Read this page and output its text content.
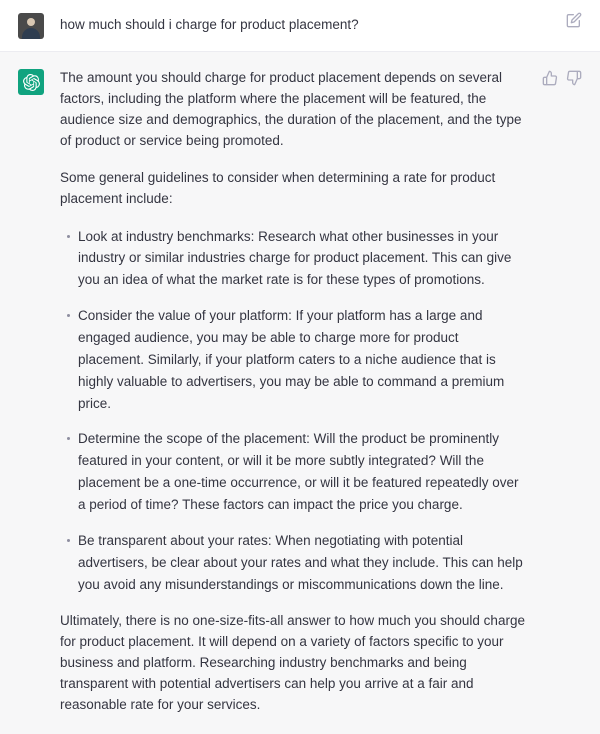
how much should i charge for product placement?

The amount you should charge for product placement depends on several factors, including the platform where the placement will be featured, the audience size and demographics, the duration of the placement, and the type of product or service being promoted.

Some general guidelines to consider when determining a rate for product placement include:

Look at industry benchmarks: Research what other businesses in your industry or similar industries charge for product placement. This can give you an idea of what the market rate is for these types of promotions.
Consider the value of your platform: If your platform has a large and engaged audience, you may be able to charge more for product placement. Similarly, if your platform caters to a niche audience that is highly valuable to advertisers, you may be able to command a premium price.
Determine the scope of the placement: Will the product be prominently featured in your content, or will it be more subtly integrated? Will the placement be a one-time occurrence, or will it be featured repeatedly over a period of time? These factors can impact the price you charge.
Be transparent about your rates: When negotiating with potential advertisers, be clear about your rates and what they include. This can help you avoid any misunderstandings or miscommunications down the line.

Ultimately, there is no one-size-fits-all answer to how much you should charge for product placement. It will depend on a variety of factors specific to your business and platform. Researching industry benchmarks and being transparent with potential advertisers can help you arrive at a fair and reasonable rate for your services.
